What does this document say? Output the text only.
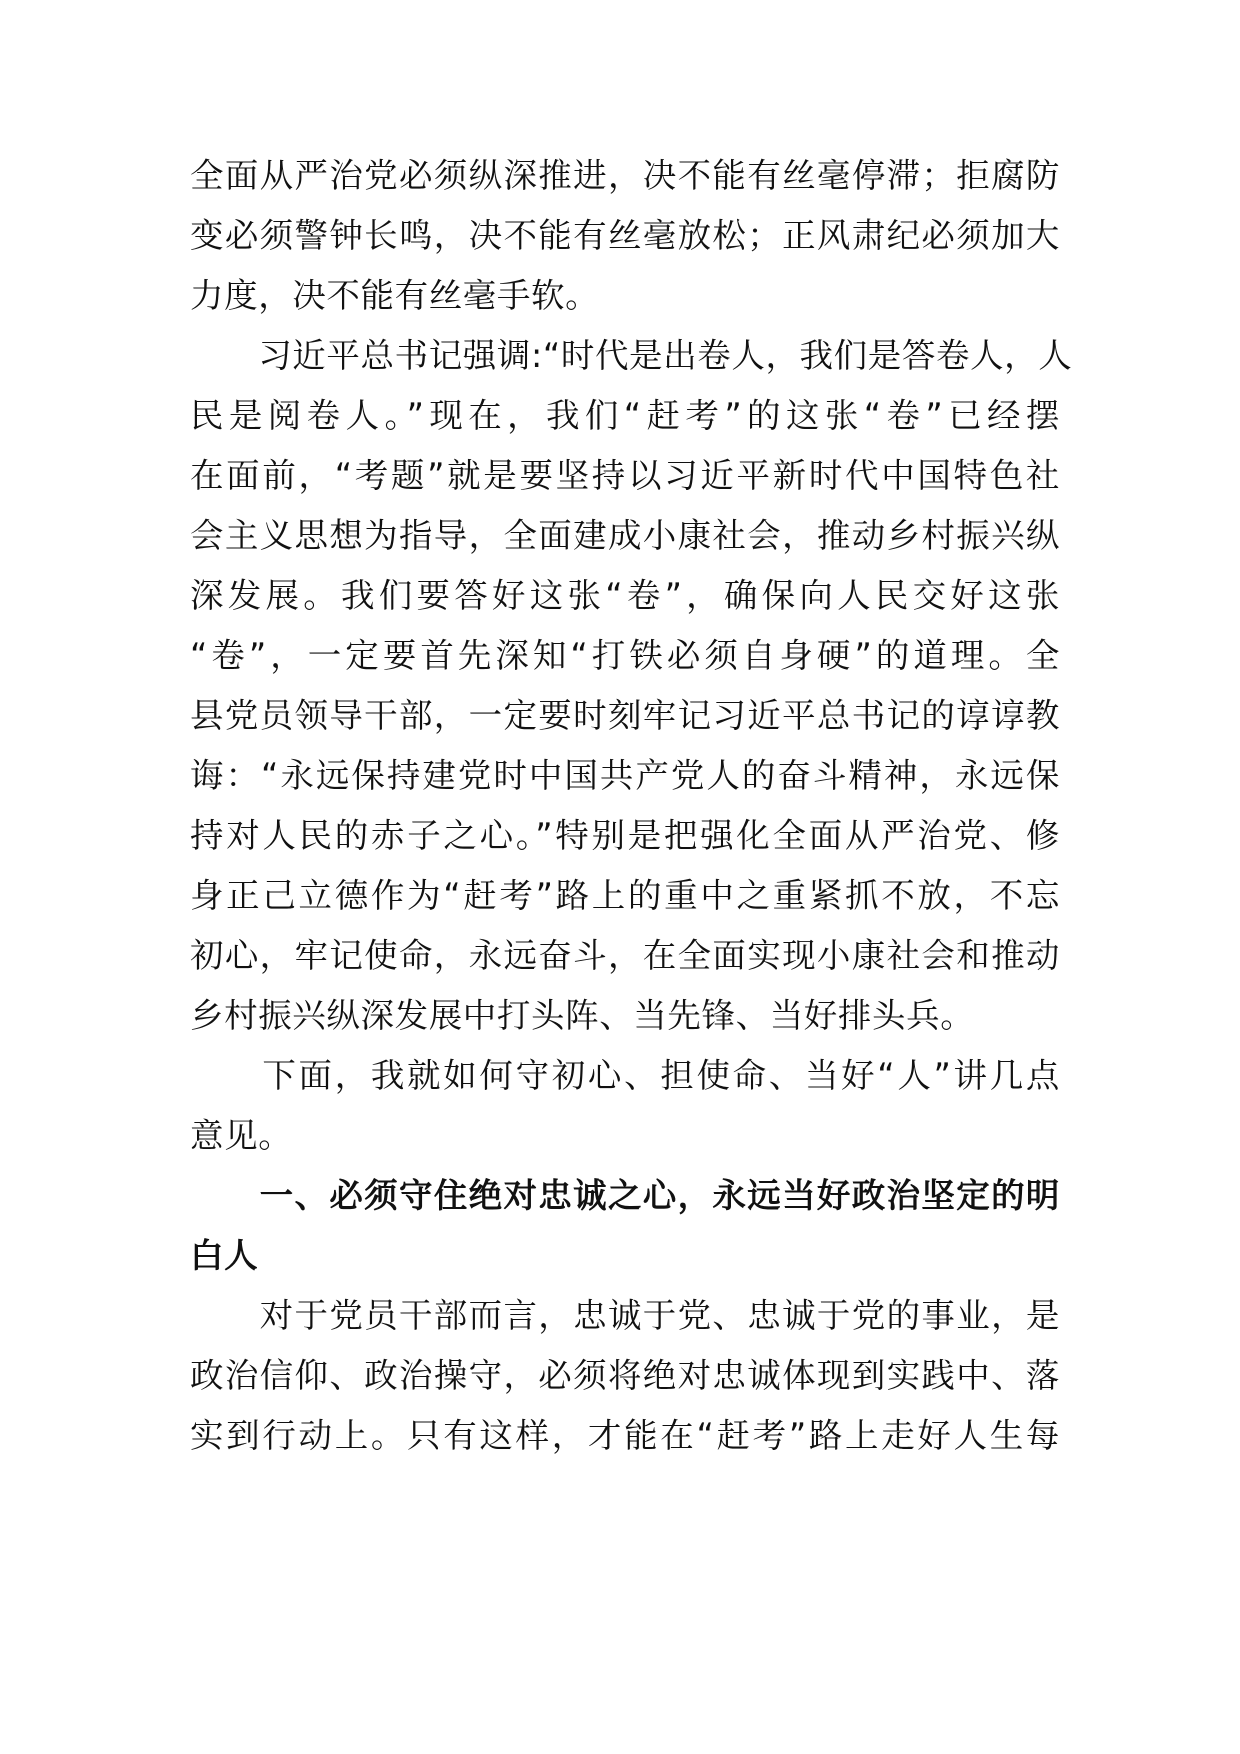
全面从严治党必须纵深推进，决不能有丝毫停滞；拒腐防
变必须警钟长鸣，决不能有丝毫放松；正风肃纪必须加大
力度，决不能有丝毫手软。
　　习近平总书记强调:“时代是出卷人，我们是答卷人，人
民是阅卷人。”现在，我们“赶考”的这张“卷”已经摆
在面前，“考题”就是要坚持以习近平新时代中国特色社
会主义思想为指导，全面建成小康社会，推动乡村振兴纵
深发展。我们要答好这张“卷”，确保向人民交好这张
“卷”，一定要首先深知“打铁必须自身硬”的道理。全
县党员领导干部，一定要时刻牢记习近平总书记的谆谆教
诲：“永远保持建党时中国共产党人的奋斗精神，永远保
持对人民的赤子之心。”特别是把强化全面从严治党、修
身正己立德作为“赶考”路上的重中之重紧抓不放，不忘
初心，牢记使命，永远奋斗，在全面实现小康社会和推动
乡村振兴纵深发展中打头阵、当先锋、当好排头兵。
　　下面，我就如何守初心、担使命、当好“人”讲几点
意见。
　　一、必须守住绝对忠诚之心，永远当好政治坚定的明
白人
　　对于党员干部而言，忠诚于党、忠诚于党的事业，是
政治信仰、政治操守，必须将绝对忠诚体现到实践中、落
实到行动上。只有这样，才能在“赶考”路上走好人生每
